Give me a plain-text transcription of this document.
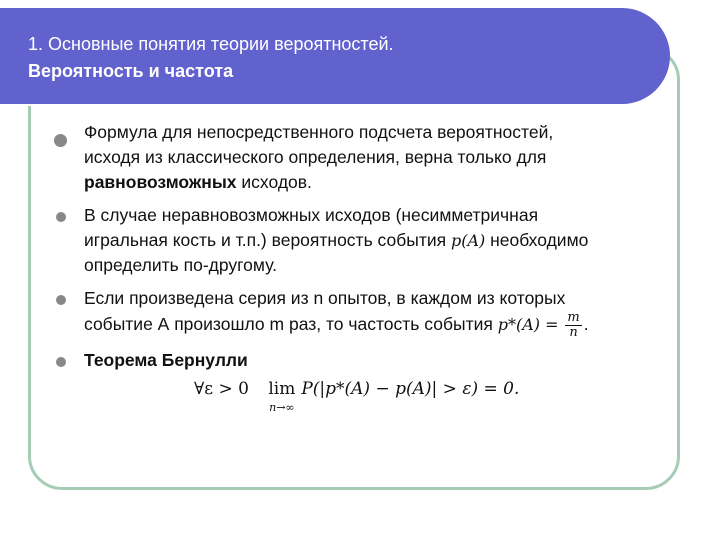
1. Основные понятия теории вероятностей.
Вероятность и частота
Формула для непосредственного подсчета вероятностей,
исходя из классического определения, верна только для
равновозможных исходов.
В случае неравновозможных исходов (несимметричная
игральная кость и т.п.) вероятность события p(A) необходимо
определить по-другому.
Если произведена серия из n опытов, в каждом из которых
событие А произошло m раз, то частость события $p*(A) = \frac{m}{n}$ .
Теорема Бернулли
∀ε > 0 lim
n→∞
P(|p*(A) − p(A)| > ε) = 0.
